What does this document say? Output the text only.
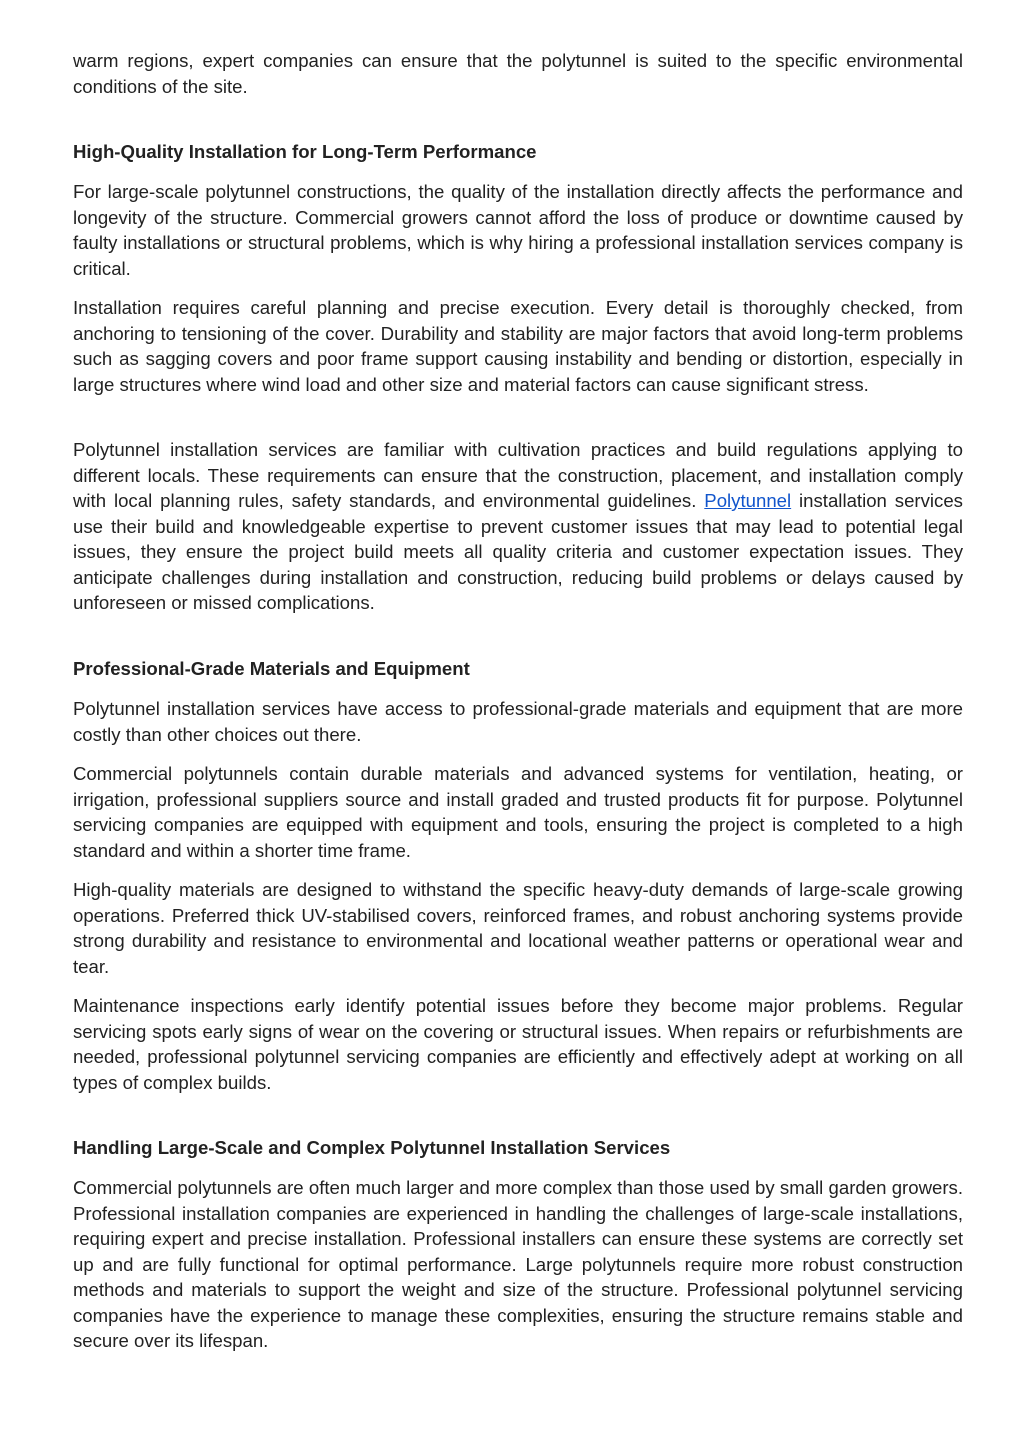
warm regions, expert companies can ensure that the polytunnel is suited to the specific environmental conditions of the site.

High-Quality Installation for Long-Term Performance

For large-scale polytunnel constructions, the quality of the installation directly affects the performance and longevity of the structure. Commercial growers cannot afford the loss of produce or downtime caused by faulty installations or structural problems, which is why hiring a professional installation services company is critical.

Installation requires careful planning and precise execution. Every detail is thoroughly checked, from anchoring to tensioning of the cover. Durability and stability are major factors that avoid long-term problems such as sagging covers and poor frame support causing instability and bending or distortion, especially in large structures where wind load and other size and material factors can cause significant stress.

Polytunnel installation services are familiar with cultivation practices and build regulations applying to different locals. These requirements can ensure that the construction, placement, and installation comply with local planning rules, safety standards, and environmental guidelines. Polytunnel installation services use their build and knowledgeable expertise to prevent customer issues that may lead to potential legal issues, they ensure the project build meets all quality criteria and customer expectation issues. They anticipate challenges during installation and construction, reducing build problems or delays caused by unforeseen or missed complications.

Professional-Grade Materials and Equipment

Polytunnel installation services have access to professional-grade materials and equipment that are more costly than other choices out there.

Commercial polytunnels contain durable materials and advanced systems for ventilation, heating, or irrigation, professional suppliers source and install graded and trusted products fit for purpose. Polytunnel servicing companies are equipped with equipment and tools, ensuring the project is completed to a high standard and within a shorter time frame.

High-quality materials are designed to withstand the specific heavy-duty demands of large-scale growing operations. Preferred thick UV-stabilised covers, reinforced frames, and robust anchoring systems provide strong durability and resistance to environmental and locational weather patterns or operational wear and tear.

Maintenance inspections early identify potential issues before they become major problems. Regular servicing spots early signs of wear on the covering or structural issues. When repairs or refurbishments are needed, professional polytunnel servicing companies are efficiently and effectively adept at working on all types of complex builds.

Handling Large-Scale and Complex Polytunnel Installation Services

Commercial polytunnels are often much larger and more complex than those used by small garden growers. Professional installation companies are experienced in handling the challenges of large-scale installations, requiring expert and precise installation. Professional installers can ensure these systems are correctly set up and are fully functional for optimal performance. Large polytunnels require more robust construction methods and materials to support the weight and size of the structure. Professional polytunnel servicing companies have the experience to manage these complexities, ensuring the structure remains stable and secure over its lifespan.
